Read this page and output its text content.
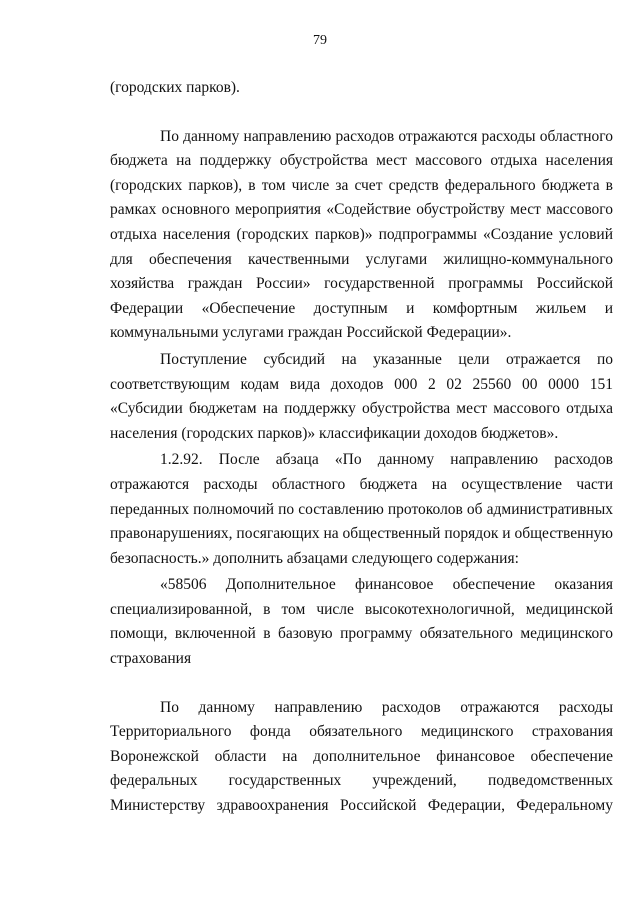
79

(городских парков).

По данному направлению расходов отражаются расходы областного бюджета на поддержку обустройства мест массового отдыха населения (городских парков), в том числе за счет средств федерального бюджета в рамках основного мероприятия «Содействие обустройству мест массового отдыха населения (городских парков)» подпрограммы «Создание условий для обеспечения качественными услугами жилищно-коммунального хозяйства граждан России» государственной программы Российской Федерации «Обеспечение доступным и комфортным жильем и коммунальными услугами граждан Российской Федерации».

Поступление субсидий на указанные цели отражается по соответствующим кодам вида доходов 000 2 02 25560 00 0000 151 «Субсидии бюджетам на поддержку обустройства мест массового отдыха населения (городских парков)» классификации доходов бюджетов».

1.2.92. После абзаца «По данному направлению расходов отражаются расходы областного бюджета на осуществление части переданных полномочий по составлению протоколов об административных правонарушениях, посягающих на общественный порядок и общественную безопасность.» дополнить абзацами следующего содержания:

«58506 Дополнительное финансовое обеспечение оказания специализированной, в том числе высокотехнологичной, медицинской помощи, включенной в базовую программу обязательного медицинского страхования

По данному направлению расходов отражаются расходы Территориального фонда обязательного медицинского страхования Воронежской области на дополнительное финансовое обеспечение федеральных государственных учреждений, подведомственных Министерству здравоохранения Российской Федерации, Федеральному
